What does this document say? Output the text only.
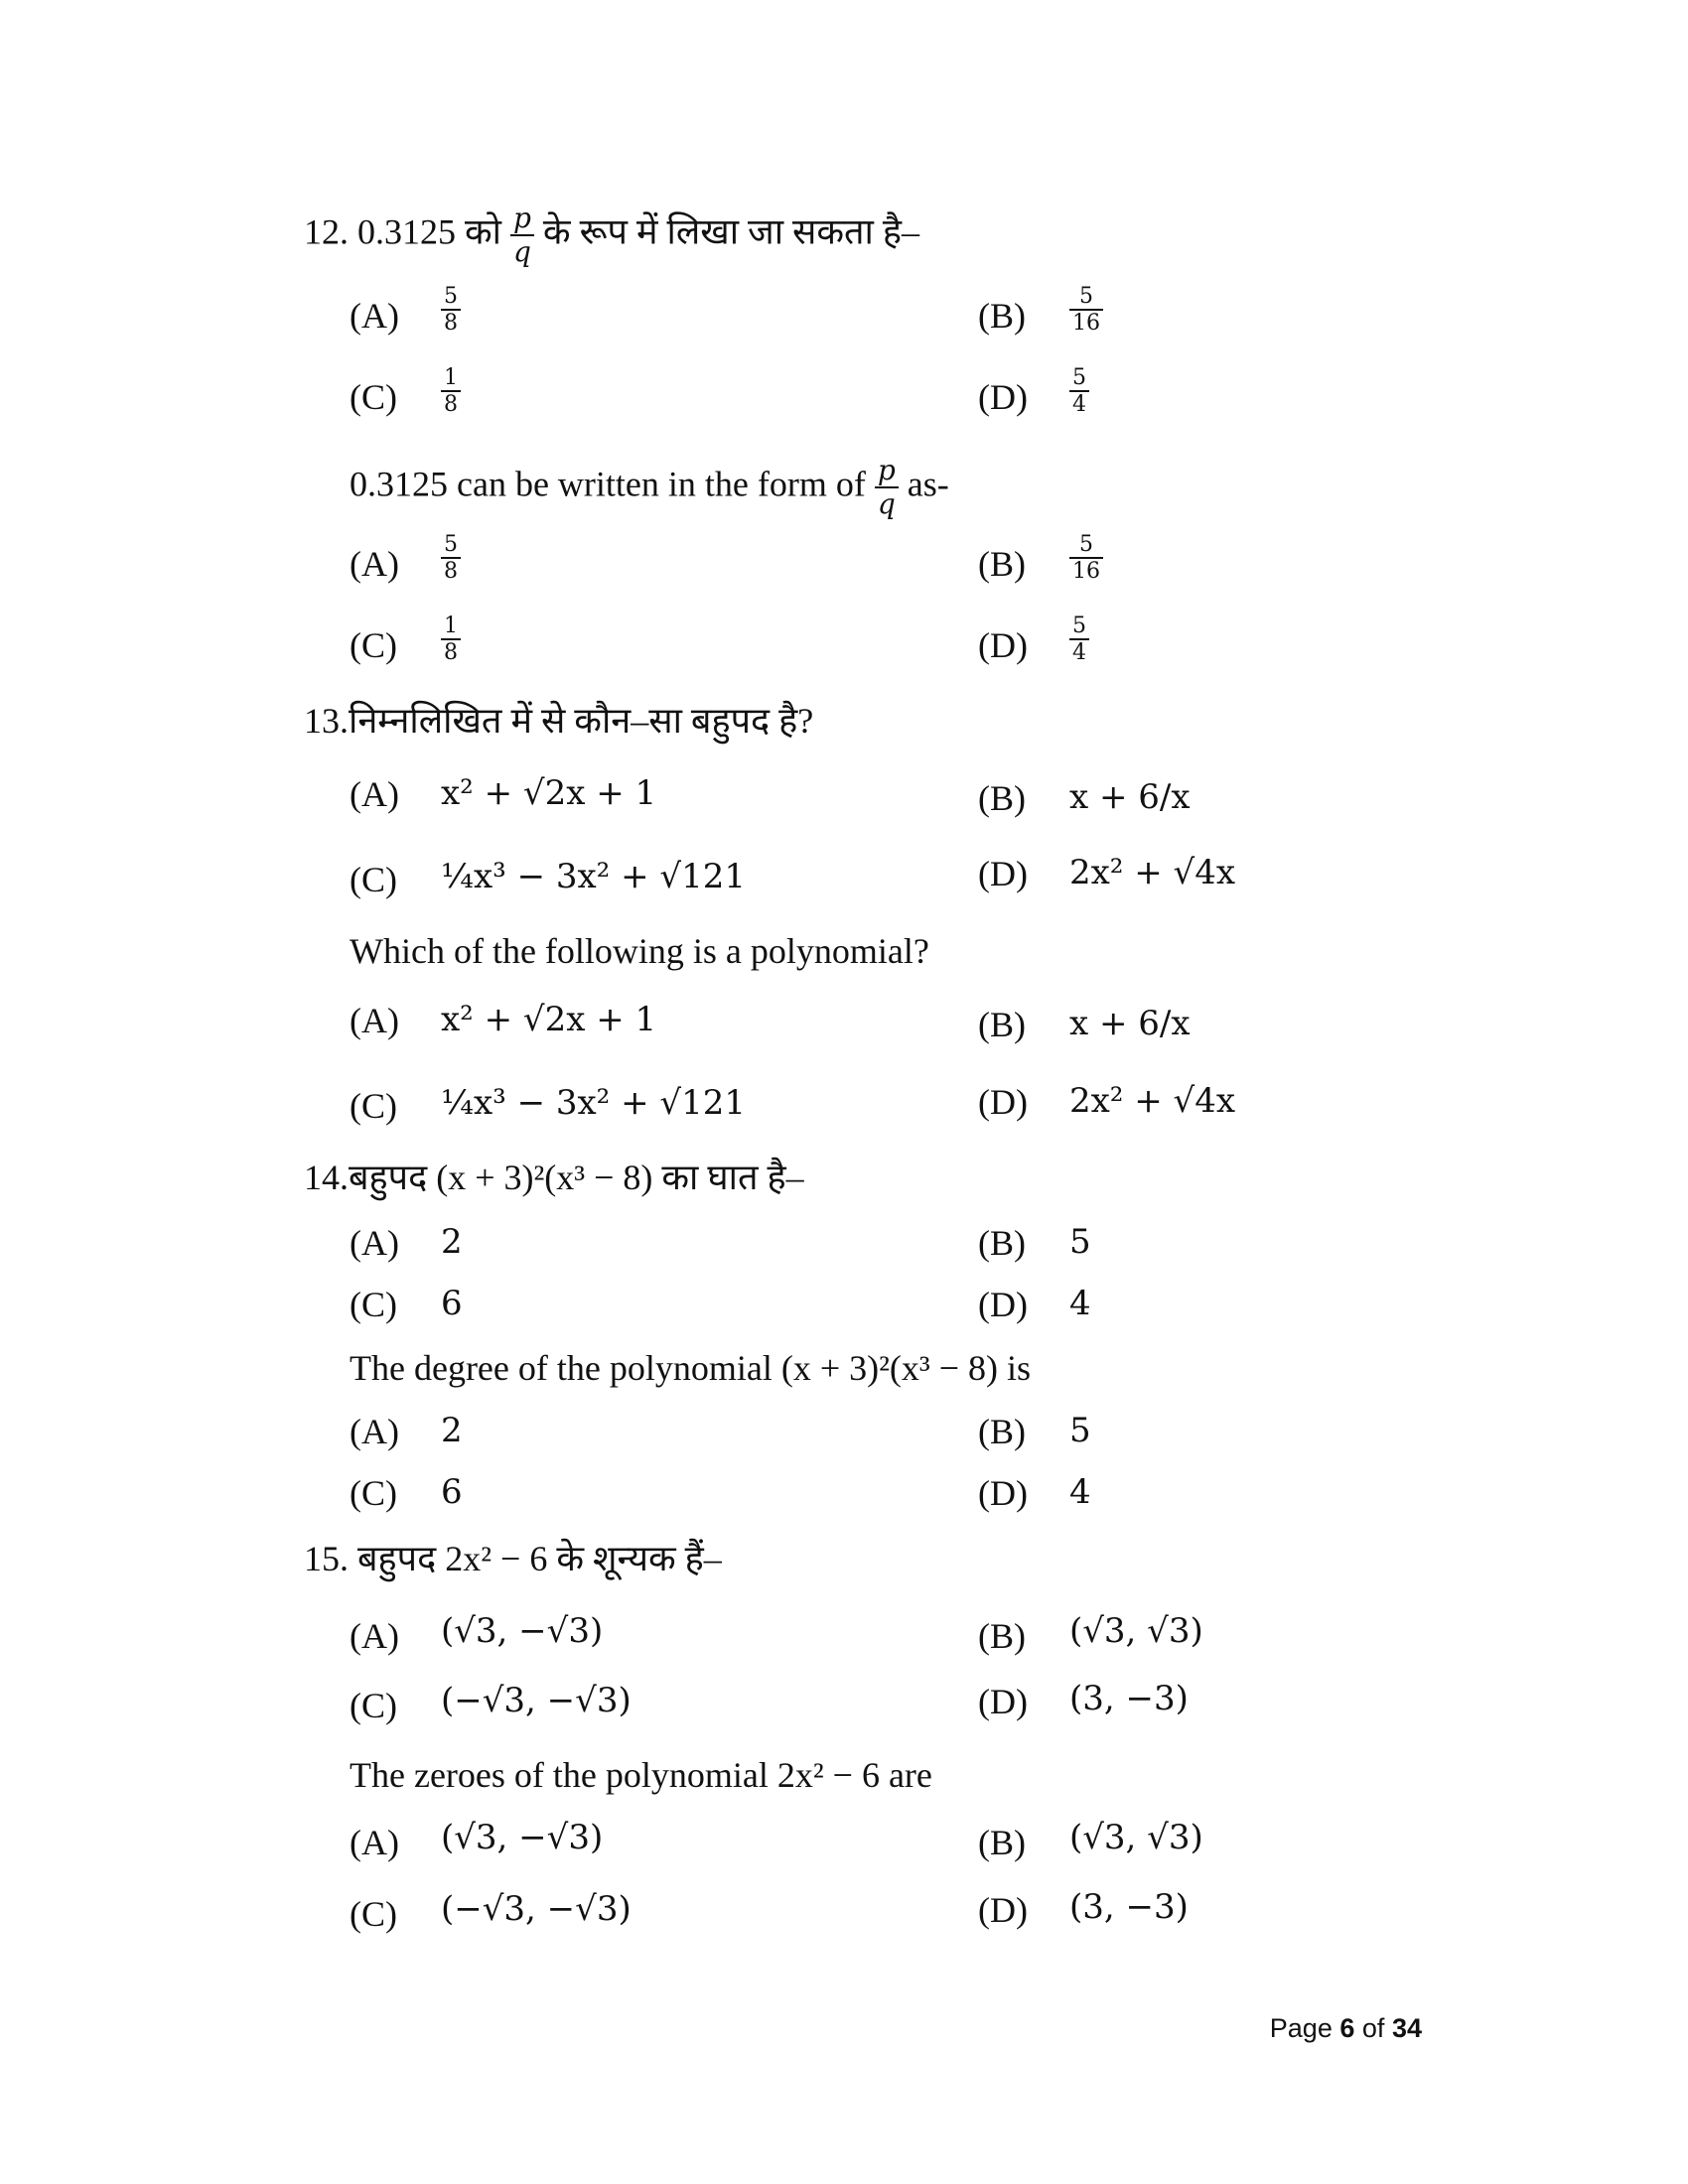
12. 0.3125 को $\frac{p}{q}$ के रूप में लिखा जा सकता है–
$(A) \frac{5}{8}$	$(B) \frac{5}{16}$
$(C) \frac{1}{8}$	$(D) \frac{5}{4}$
0.3125 can be written in the form of $\frac{p}{q} as-$
$(A) \frac{5}{8}$	$(B) \frac{5}{16}$
$(C) \frac{1}{8}$	$(D) \frac{5}{4}$
13.निम्नलिखित में से कौन–सा बहुपद है?
(A) x² + √2x + 1	(B) x + 6/x
(C) ¼x³ − 3x² + √121	(D) 2x² + √4x
Which of the following is a polynomial?
(A) x² + √2x + 1	(B) x + 6/x
(C) ¼x³ − 3x² + √121	(D) 2x² + √4x
14.बहुपद (x + 3)²(x³ − 8) का घात है–
(A) 2	(B) 5
(C) 6	(D) 4
The degree of the polynomial (x + 3)²(x³ − 8) is
(A) 2	(B) 5
(C) 6	(D) 4
15. बहुपद 2x² − 6 के शून्यक हैं–
(A) (√3, −√3)	(B) (√3, √3)
(C) (−√3, −√3)	(D) (3, −3)
The zeroes of the polynomial 2x² − 6 are
(A) (√3, −√3)	(B) (√3, √3)
(C) (−√3, −√3)	(D) (3, −3)
Page 6 of 34
